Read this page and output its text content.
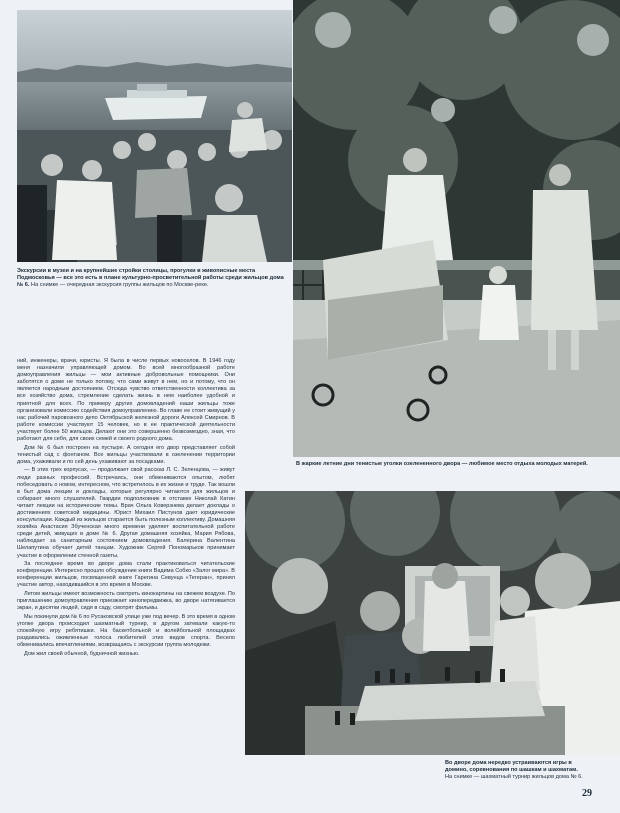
Экскурсии в музеи и на крупнейшие стройки столицы, прогулки в живописные места Подмосковья — все это есть в плане культурно-просветительной работы среди жильцов дома № 6. На снимке — очередная экскурсия группы жильцов по Москве-реке.
В жаркие летние дни тенистые уголки озелененного двора — любимое место отдыха молодых матерей.
Во дворе дома нередко устраиваются игры в домино, соревнования по шашкам и шахматам. На снимке — шахматный турнир жильцов дома № 6.

ний, инженеры, врачи, юристы. Я была в числе первых новоселов. В 1946 году меня назначили управляющей домом. Во всей многообразной работе домоуправления жильцы — мои активные добровольные помощники. Они заботятся о доме не только потому, что сами живут в нем, но и потому, что он является народным достоянием. Отсюда чувство ответственности коллектива за все хозяйство дома, стремление сделать жизнь в нем наиболее удобной и приятной для всех. По примеру других домовладений наши жильцы тоже организовали комиссию содействия домоуправлению. Во главе ее стоит живущий у нас рабочий паровозного депо Октябрьской железной дороги Алексей Смирнов. В работе комиссии участвуют 15 человек, но в ее практической деятельности участвует более 50 жильцов. Делают они это совершенно безвозмездно, зная, что работают для себя, для своих семей и своего родного дома.

Дом № 6 был построен на пустыре. А сегодня его двор представляет собой тенистый сад с фонтаном. Все жильцы участвовали в озеленении территории дома, ухаживали и по сей день ухаживают за посадками.

— В этих трех корпусах, — продолжает свой рассказ Л. С. Зеленцова, — живут люди разных профессий. Встречаясь, они обмениваются опытом, любят побеседовать о новом, интересном, что встретилось в их жизни и труде. Так вошли в быт дома лекции и доклады, которые регулярно читаются для жильцов и собирают много слушателей. Гвардии подполковник в отставке Николай Катин читает лекции на исторические темы. Врач Ольга Коверзнева делает доклады о достижениях советской медицины. Юрист Михаил Пистунов дает юридические консультации. Каждый из жильцов старается быть полезным коллективу. Домашняя хозяйка Анастасия Збученская много времени уделяет воспитательной работе среди детей, живущих в доме № 6. Другая домашняя хозяйка, Мария Рябова, наблюдает за санитарным состоянием домовладения. Балерина Валентина Шелапутина обучает детей танцам. Художник Сергей Пономарьков принимает участие в оформлении стенной газеты.

За последнее время во дворе дома стали практиковаться читательские конференции. Интересно прошло обсуждение книги Вадима Собко «Залог мира». В конференции жильцов, посвященной книге Гарегина Севунца «Тегеран», принял участие автор, находившийся в это время в Москве.

Летом жильцы имеют возможность смотреть кинокартины на свежем воздухе. По приглашению домоуправления приезжает кинопередвижка, во дворе натягивается экран, и десятки людей, сидя в саду, смотрят фильмы.

Мы покинули дом № 6 по Русаковской улице уже под вечер. В это время в одном уголке двора происходил шахматный турнир, в другом затевали какую-то спокойную игру ребятишки. На баскетбольной и волейбольной площадках раздавались оживленные голоса любителей этих видов спорта. Весело обменивались впечатлениями, возвращаясь с экскурсии группа молодежи.

Дом жил своей обычной, будничной жизнью.

29
